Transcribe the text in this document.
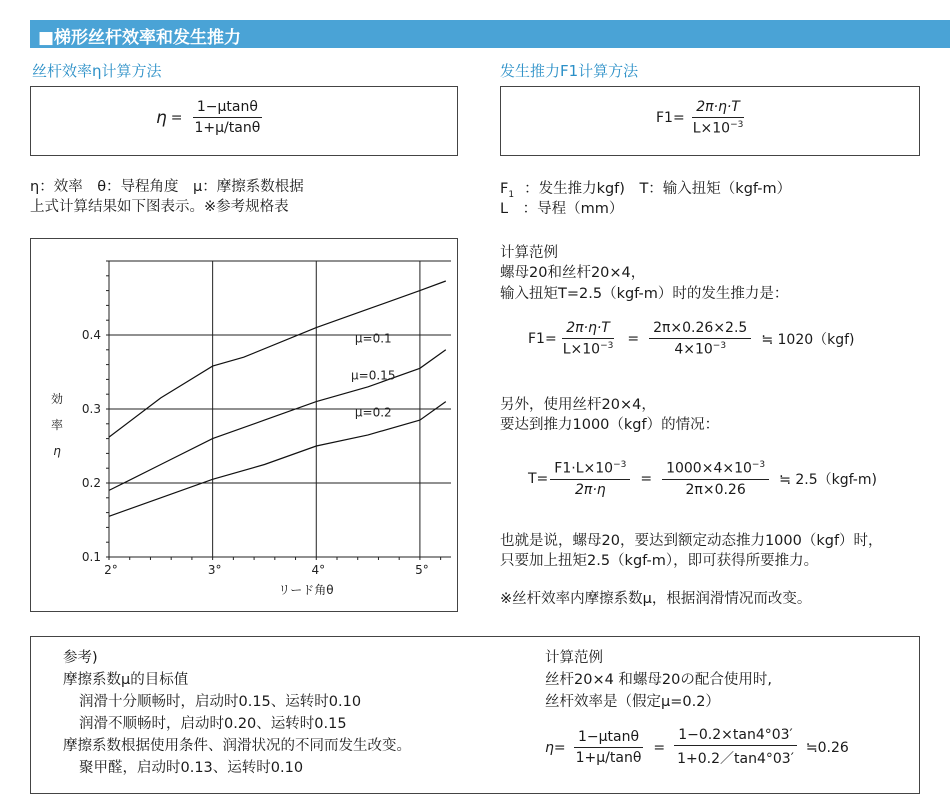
■梯形丝杆效率和发生推力
丝杆效率η计算方法
$\eta = \frac{1-\mu\tan\theta}{1+\mu/\tan\theta}$
η：效率　θ：导程角度　μ：摩擦系数根据
上式计算结果如下图表示。※参考规格表
0.1
0.2
0.3
0.4
2°	3°	4°	5°
リード角θ
効
率
η
μ=0.1
μ=0.15
μ=0.2
发生推力F1计算方法
$F1= \frac{2\pi\cdot\eta\cdot T}{L\times 10^{-3}}$
$F_1$ ：发生推力kgf)　T：输入扭矩（kgf-m）
L　：导程（mm）
计算范例
螺母20和丝杆20×4，
输入扭矩T=2.5（kgf-m）时的发生推力是：
$F1= \frac{2\pi\cdot\eta\cdot T}{L\times 10^{-3}} = \frac{2\pi\times 0.26\times 2.5}{4\times 10^{-3}}$ ≒ 1020（kgf)
另外，使用丝杆20×4，
要达到推力1000（kgf）的情况：
$T= \frac{F1\cdot L\times 10^{-3}}{2\pi\cdot\eta} = \frac{1000\times 4\times 10^{-3}}{2\pi\times 0.26}$ ≒ 2.5（kgf-m)
也就是说，螺母20，要达到额定动态推力1000（kgf）时，
只要加上扭矩2.5（kgf-m），即可获得所要推力。
※丝杆效率内摩擦系数μ，根据润滑情况而改变。
参考)
摩擦系数μ的目标值
润滑十分顺畅时，启动时0.15、运转时0.10
润滑不顺畅时，启动时0.20、运转时0.15
摩擦系数根据使用条件、润滑状况的不同而发生改变。
聚甲醛，启动时0.13、运转时0.10
计算范例
丝杆20×4 和螺母20の配合使用时,
丝杆效率是（假定μ=0.2）
$\eta= \frac{1-\mu\tan\theta}{1+\mu/\tan\theta} = \frac{1-0.2\times\tan 4^\circ 03'}{1+0.2/\tan 4^\circ 03'}$ ≒0.26
